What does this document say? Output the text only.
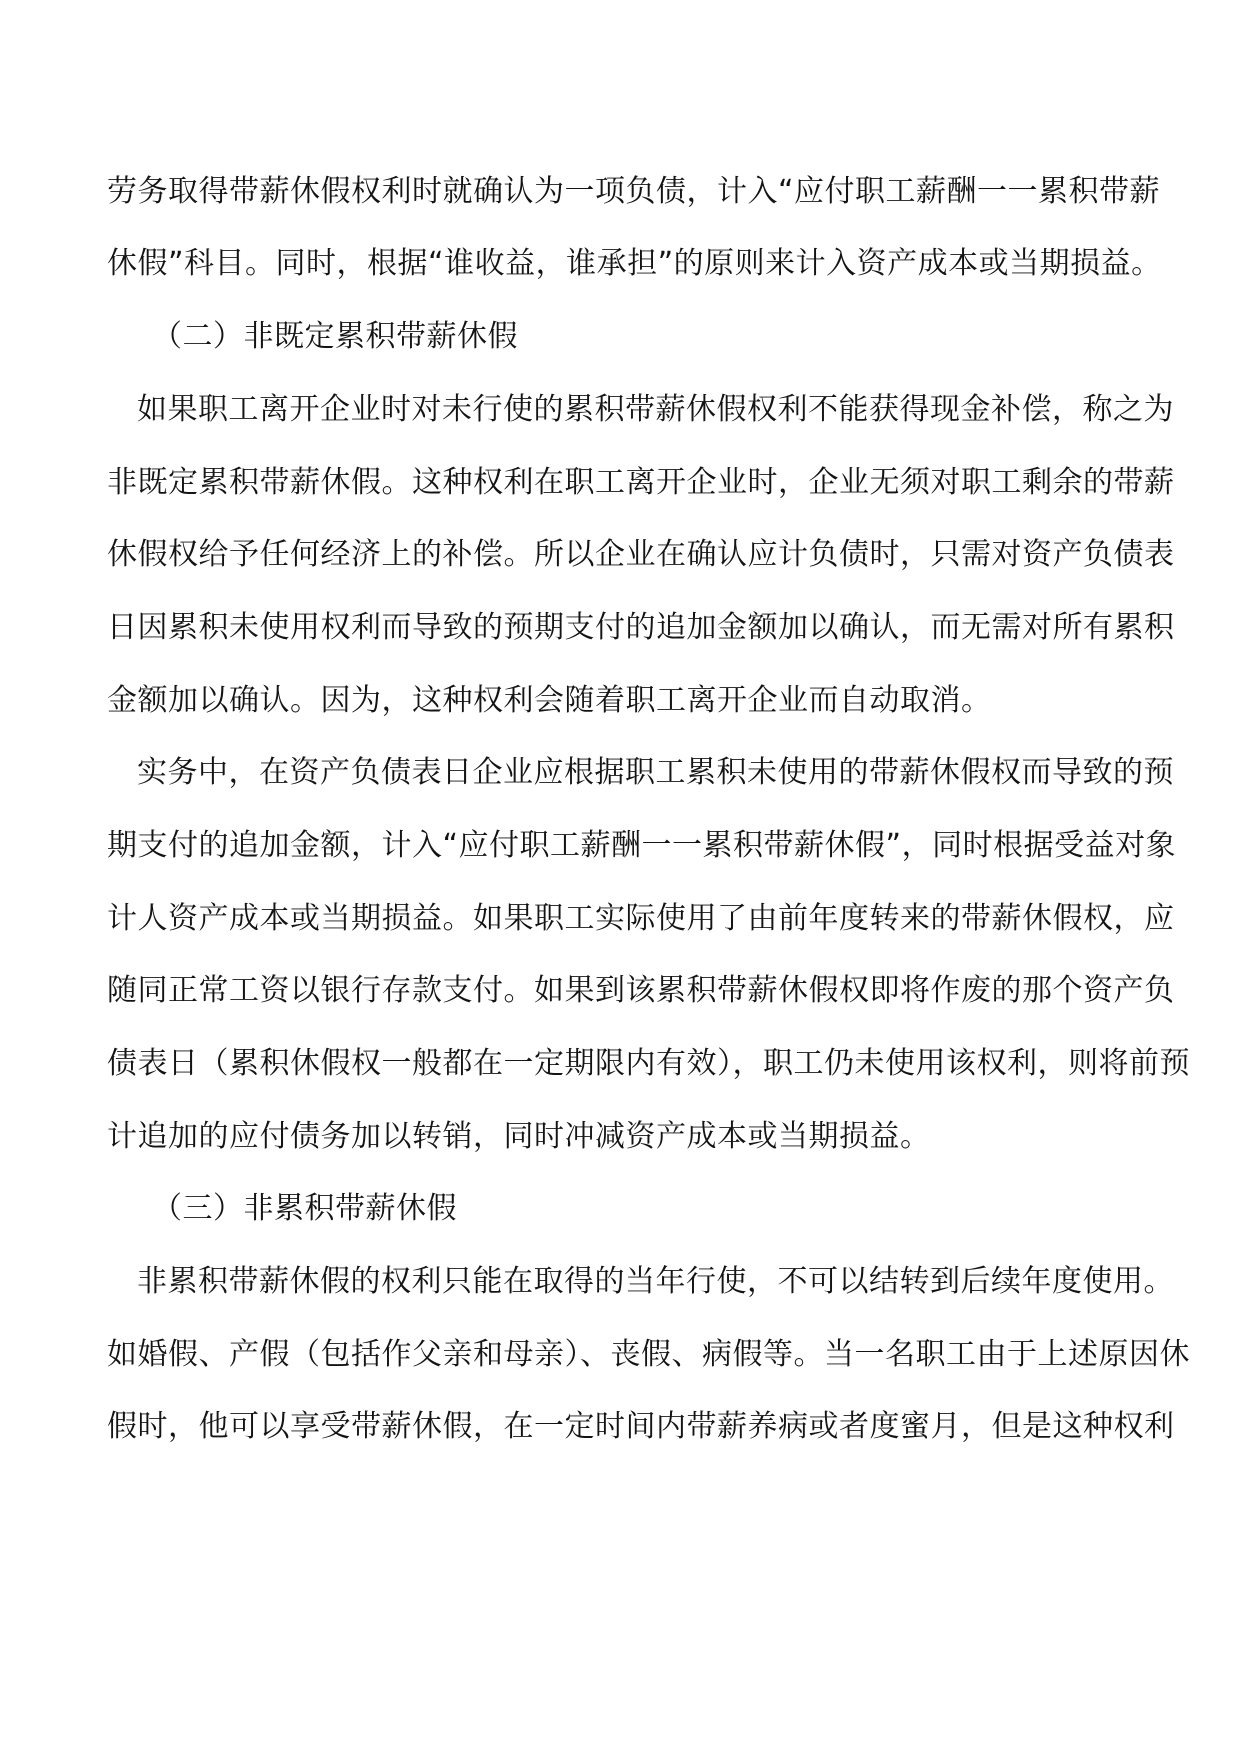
劳务取得带薪休假权利时就确认为一项负债，计入“应付职工薪酬一一累积带薪
休假”科目。同时，根据“谁收益，谁承担”的原则来计入资产成本或当期损益。
（二）非既定累积带薪休假
如果职工离开企业时对未行使的累积带薪休假权利不能获得现金补偿，称之为
非既定累积带薪休假。这种权利在职工离开企业时，企业无须对职工剩余的带薪
休假权给予任何经济上的补偿。所以企业在确认应计负债时，只需对资产负债表
日因累积未使用权利而导致的预期支付的追加金额加以确认，而无需对所有累积
金额加以确认。因为，这种权利会随着职工离开企业而自动取消。
实务中，在资产负债表日企业应根据职工累积未使用的带薪休假权而导致的预
期支付的追加金额，计入“应付职工薪酬一一累积带薪休假”，同时根据受益对象
计人资产成本或当期损益。如果职工实际使用了由前年度转来的带薪休假权，应
随同正常工资以银行存款支付。如果到该累积带薪休假权即将作废的那个资产负
债表日（累积休假权一般都在一定期限内有效），职工仍未使用该权利，则将前预
计追加的应付债务加以转销，同时冲减资产成本或当期损益。
（三）非累积带薪休假
非累积带薪休假的权利只能在取得的当年行使，不可以结转到后续年度使用。
如婚假、产假（包括作父亲和母亲）、丧假、病假等。当一名职工由于上述原因休
假时，他可以享受带薪休假，在一定时间内带薪养病或者度蜜月，但是这种权利
